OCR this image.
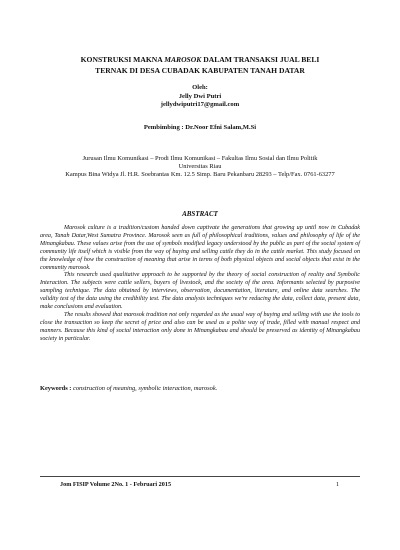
KONSTRUKSI MAKNA MAROSOK DALAM TRANSAKSI JUAL BELI
TERNAK DI DESA CUBADAK KABUPATEN TANAH DATAR
Oleh:
Jelly Dwi Putri
jellydwiputri17@gmail.com
Pembimbing : Dr.Noor Efni Salam,M.Si
Jurusan Ilmu Komunikasi – Prodi Ilmu Komunikasi – Fakultas Ilmu Sosial dan Ilmu Politik
Universitas Riau
Kampus Bina Widya Jl. H.R. Soebrantas Km. 12.5 Simp. Baru Pekanbaru 28293 – Telp/Fax. 0761-63277
ABSTRACT

Marosok culture is a tradition/custom handed down captivate the generations that growing up until now in Cubadak area, Tanah Datar,West Sumatra Province. Marosok seen as full of philosophical traditions, values and philosophy of life of the Minangkabau. These values arise from the use of symbols modified legacy understood by the public as part of the social system of community life itself which is visible from the way of buying and selling cattle they do in the cattle market. This study focused on the knowledge of how the construction of meaning that arise in terms of both physical objects and social objects that exist in the community marosok.

This research used qualitative approach to be supported by the theory of social construction of reality and Symbolic Interaction. The subjects were cattle sellers, buyers of livestock, and the society of the area. Informants selected by purposive sampling technique. The data obtained by interviews, observation, documentation, literature, and online data searches. The validity test of the data using the credibility test. The data analysis techniques we're reducing the data, collect data, present data, make conclusions and evaluation.

The results showed that marosok tradition not only regarded as the usual way of buying and selling with use the tools to close the transaction so keep the secret of price and also can be used as a polite way of trade, filled with manual respect and manners. Because this kind of social interaction only done in Minangkabau and should be preserved as identity of Minangkabau society in particular.

Keywords : construction of meaning, symbolic interaction, marosok.
Jom FISIP Volume 2No. 1 - Februari 2015	1
